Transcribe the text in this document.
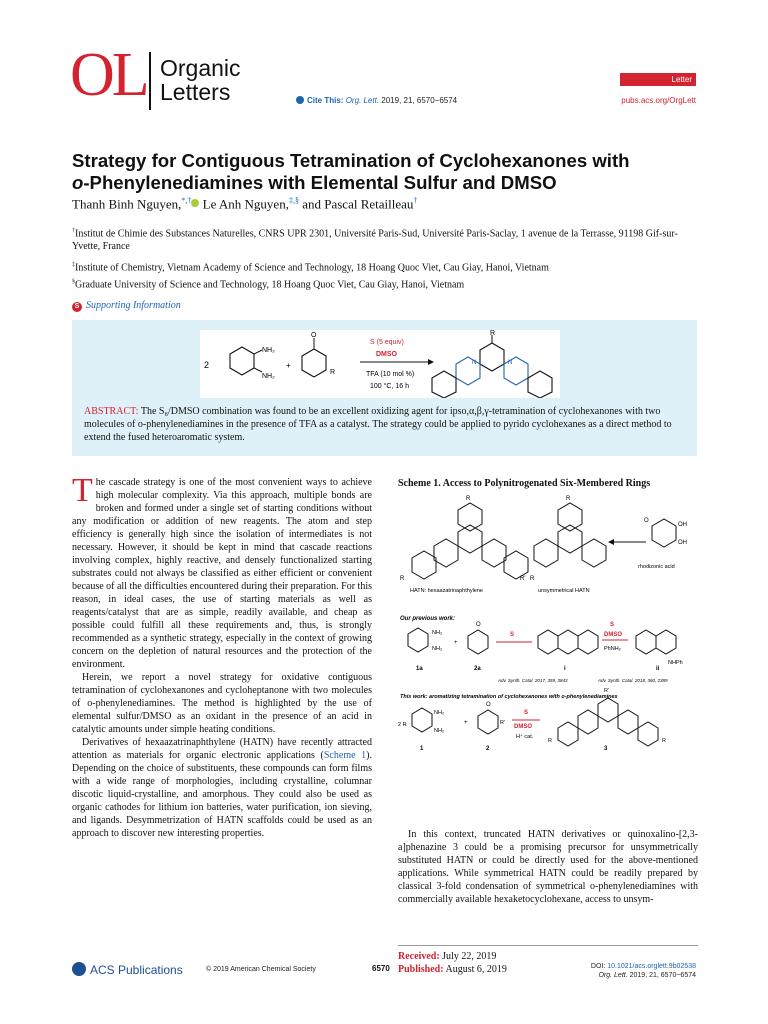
OL Organic
Letters	Cite This: Org. Lett. 2019, 21, 6570−6574
Letter
pubs.acs.org/OrgLett
Strategy for Contiguous Tetramination of Cyclohexanones with
o-Phenylenediamines with Elemental Sulfur and DMSO
Thanh Binh Nguyen,*,† Le Anh Nguyen,‡,§ and Pascal Retailleau†
†Institut de Chimie des Substances Naturelles, CNRS UPR 2301, Université Paris-Sud, Université Paris-Saclay, 1 avenue de la Terrasse, 91198 Gif-sur-Yvette, France
‡Institute of Chemistry, Vietnam Academy of Science and Technology, 18 Hoang Quoc Viet, Cau Giay, Hanoi, Vietnam
§Graduate University of Science and Technology, 18 Hoang Quoc Viet, Cau Giay, Hanoi, Vietnam
S Supporting Information
2
NH₂
NH₂
+
O
R
S (5 equiv)
DMSO
TFA (10 mol %)
100 °C, 16 h
R
N	N
ABSTRACT: The S₈/DMSO combination was found to be an excellent oxidizing agent for ipso,α,β,γ-tetramination of cyclohexanones with two molecules of o-phenylenediamines in the presence of TFA as a catalyst. The strategy could be applied to pyrido cyclohexanes as a direct method to extend the fused heteroaromatic system.

The cascade strategy is one of the most convenient ways to achieve high molecular complexity. Via this approach, multiple bonds are broken and formed under a single set of starting conditions without any modification or addition of new reagents. The atom and step efficiency is generally high since the isolation of intermediates is not necessary. However, it should be kept in mind that cascade reactions involving complex, highly reactive, and densely functionalized starting substrates could not always be classified as either efficient or convenient because of all the difficulties encountered during their preparation. For this reason, in ideal cases, the use of starting materials as well as reagents/catalyst that are as simple, readily available, and cheap as possible could fulfill all these requirements and, thus, is strongly recommended as a synthetic strategy, especially in the context of growing concern on the depletion of natural resources and the protection of the environment.

Herein, we report a novel strategy for oxidative contiguous tetramination of cyclohexanones and cycloheptanone with two molecules of o-phenylenediamines. The method is highlighted by the use of elemental sulfur/DMSO as an oxidant in the presence of an acid in catalytic amounts under simple heating conditions.

Derivatives of hexaazatrinaphthylene (HATN) have recently attracted attention as materials for organic electronic applications (Scheme 1). Depending on the choice of substituents, these compounds can form films with a wide range of morphologies, including crystalline, columnar discotic liquid-crystalline, and amorphous. They could also be used as organic cathodes for lithium ion batteries, water purification, ion sieving, and ligands. Desymmetrization of HATN scaffolds could be used as an approach to discover new interesting properties.

Scheme 1. Access to Polynitrogenated Six-Membered Rings
R
R	R
HATN: hexaazatrinaphthylene
R
R'
unsymmetrical HATN
OH
OH
O
rhodizonic acid
Our previous work:
NH₂
NH₂
1a
+
O
2a
S
i
S
DMSO
PhNH₂
NHPh
ii
Adv. Synth. Catal. 2017, 359, 3843	Adv. Synth. Catal. 2018, 360, 2389
This work: aromatizing tetramination of cyclohexanones with o-phenylenediamines
2 R
NH₂
NH₂
1
+
O
R'
2
S
DMSO
H⁺ cat.
R'
R	R
3

In this context, truncated HATN derivatives or quinoxalino-[2,3-a]phenazine 3 could be a promising precursor for unsymmetrically substituted HATN or could be directly used for the above-mentioned applications. While symmetrical HATN could be readily prepared by classical 3-fold condensation of symmetrical o-phenylenediamines with commercially available hexaketocyclohexane, access to unsym-

Received: July 22, 2019
Published: August 6, 2019
ACS Publications	© 2019 American Chemical Society	6570	DOI: 10.1021/acs.orglett.9b02538
Org. Lett. 2019, 21, 6570−6574
